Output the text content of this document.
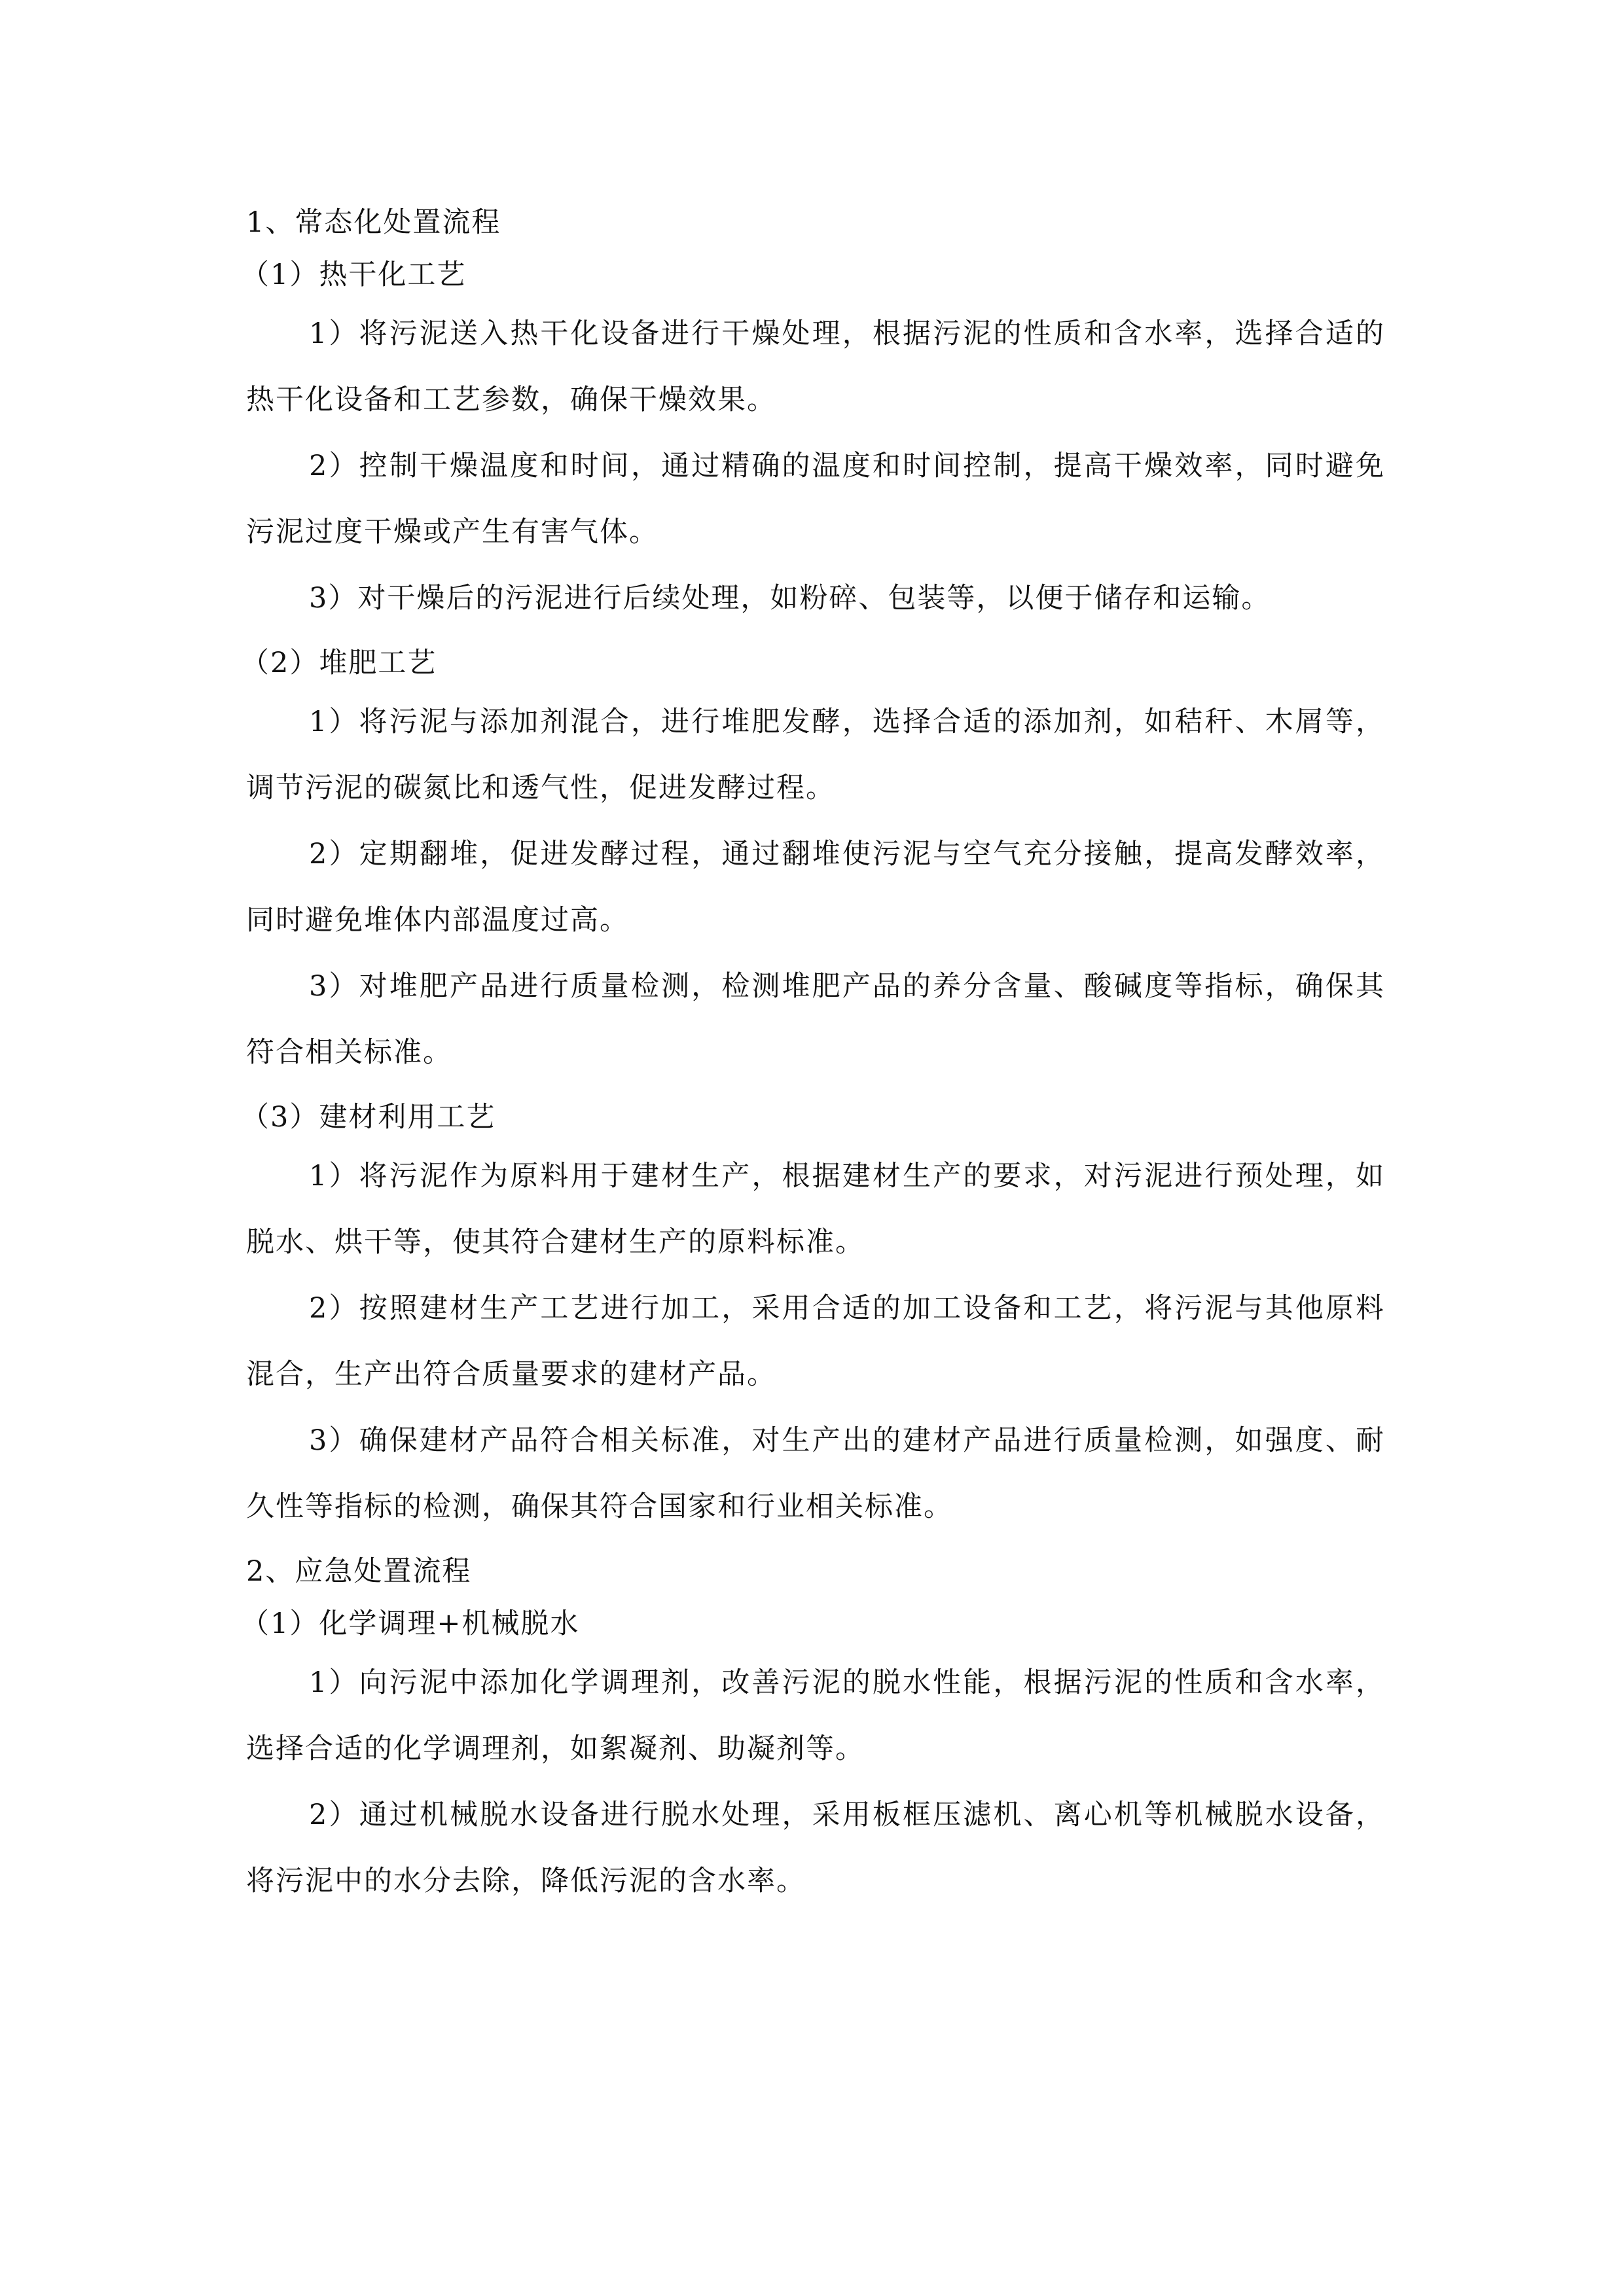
1、常态化处置流程
（1）热干化工艺

1）将污泥送入热干化设备进行干燥处理，根据污泥的性质和含水率，选择合适的热干化设备和工艺参数，确保干燥效果。

2）控制干燥温度和时间，通过精确的温度和时间控制，提高干燥效率，同时避免污泥过度干燥或产生有害气体。

3）对干燥后的污泥进行后续处理，如粉碎、包装等，以便于储存和运输。

（2）堆肥工艺

1）将污泥与添加剂混合，进行堆肥发酵，选择合适的添加剂，如秸秆、木屑等，调节污泥的碳氮比和透气性，促进发酵过程。

2）定期翻堆，促进发酵过程，通过翻堆使污泥与空气充分接触，提高发酵效率，同时避免堆体内部温度过高。

3）对堆肥产品进行质量检测，检测堆肥产品的养分含量、酸碱度等指标，确保其符合相关标准。

（3）建材利用工艺

1）将污泥作为原料用于建材生产，根据建材生产的要求，对污泥进行预处理，如脱水、烘干等，使其符合建材生产的原料标准。

2）按照建材生产工艺进行加工，采用合适的加工设备和工艺，将污泥与其他原料混合，生产出符合质量要求的建材产品。

3）确保建材产品符合相关标准，对生产出的建材产品进行质量检测，如强度、耐久性等指标的检测，确保其符合国家和行业相关标准。

2、应急处置流程
（1）化学调理+机械脱水

1）向污泥中添加化学调理剂，改善污泥的脱水性能，根据污泥的性质和含水率，选择合适的化学调理剂，如絮凝剂、助凝剂等。

2）通过机械脱水设备进行脱水处理，采用板框压滤机、离心机等机械脱水设备，将污泥中的水分去除，降低污泥的含水率。
